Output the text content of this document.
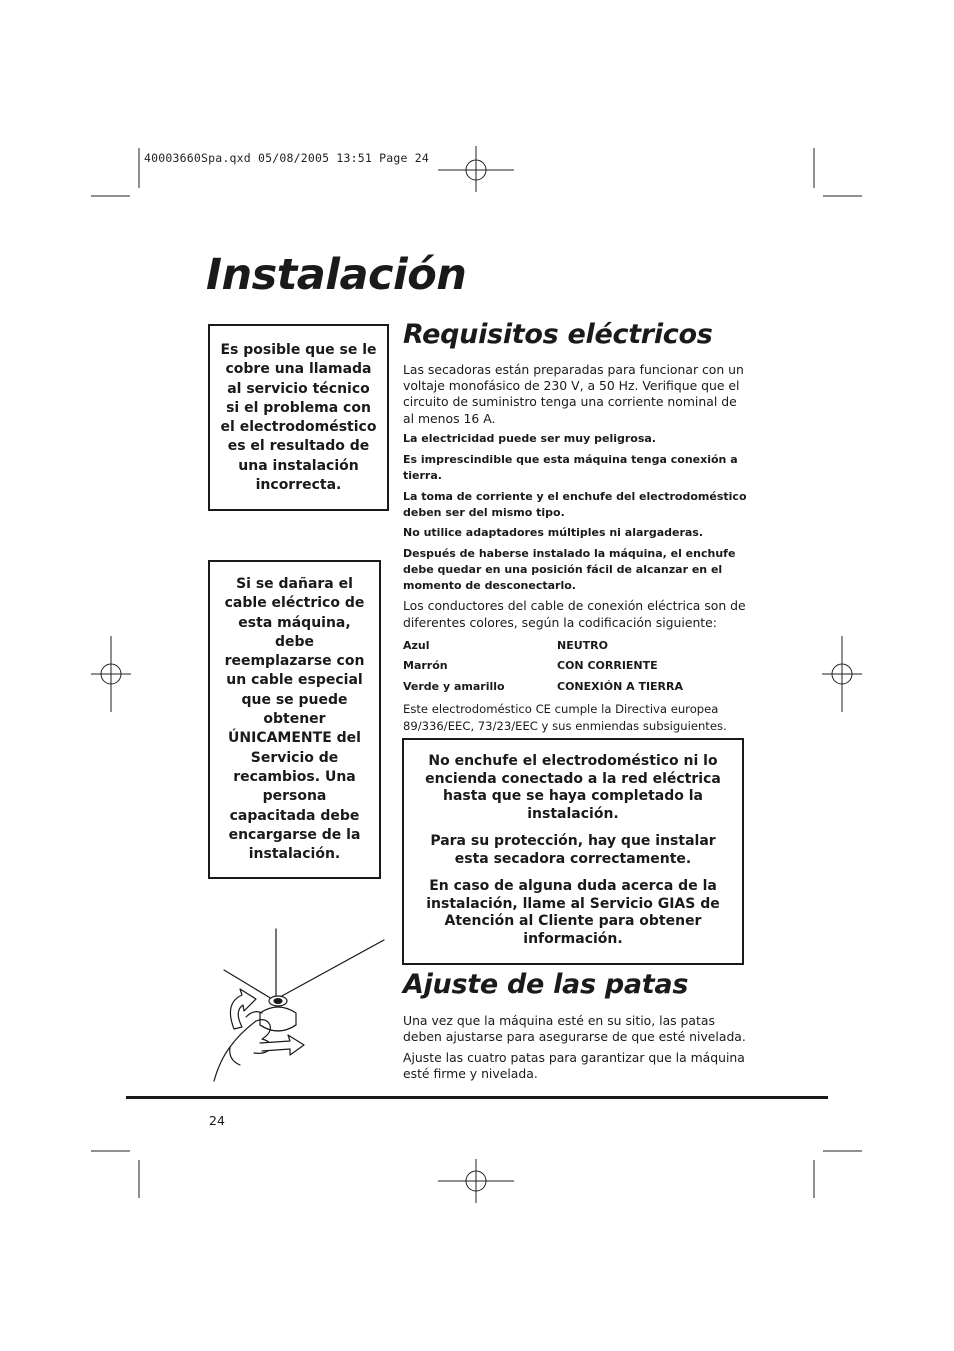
40003660Spa.qxd 05/08/2005 13:51 Page 24
Instalación
Es posible que se le cobre una llamada al servicio técnico si el problema con el electrodoméstico es el resultado de una instalación incorrecta.
Si se dañara el cable eléctrico de esta máquina, debe reemplazarse con un cable especial que se puede obtener ÚNICAMENTE del Servicio de recambios. Una persona capacitada debe encargarse de la instalación.
Requisitos eléctricos

Las secadoras están preparadas para funcionar con un voltaje monofásico de 230 V, a 50 Hz. Verifique que el circuito de suministro tenga una corriente nominal de al menos 16 A.

La electricidad puede ser muy peligrosa.

Es imprescindible que esta máquina tenga conexión a tierra.

La toma de corriente y el enchufe del electrodoméstico deben ser del mismo tipo.

No utilice adaptadores múltiples ni alargaderas.

Después de haberse instalado la máquina, el enchufe debe quedar en una posición fácil de alcanzar en el momento de desconectarlo.

Los conductores del cable de conexión eléctrica son de diferentes colores, según la codificación siguiente:

Azul	NEUTRO
Marrón	CON CORRIENTE
Verde y amarillo	CONEXIÓN A TIERRA

Este electrodoméstico CE cumple la Directiva europea 89/336/EEC, 73/23/EEC y sus enmiendas subsiguientes.

No enchufe el electrodoméstico ni lo encienda conectado a la red eléctrica hasta que se haya completado la instalación.

Para su protección, hay que instalar esta secadora correctamente.

En caso de alguna duda acerca de la instalación, llame al Servicio GIAS de Atención al Cliente para obtener información.

Ajuste de las patas

Una vez que la máquina esté en su sitio, las patas deben ajustarse para asegurarse de que esté nivelada.

Ajuste las cuatro patas para garantizar que la máquina esté firme y nivelada.

24
